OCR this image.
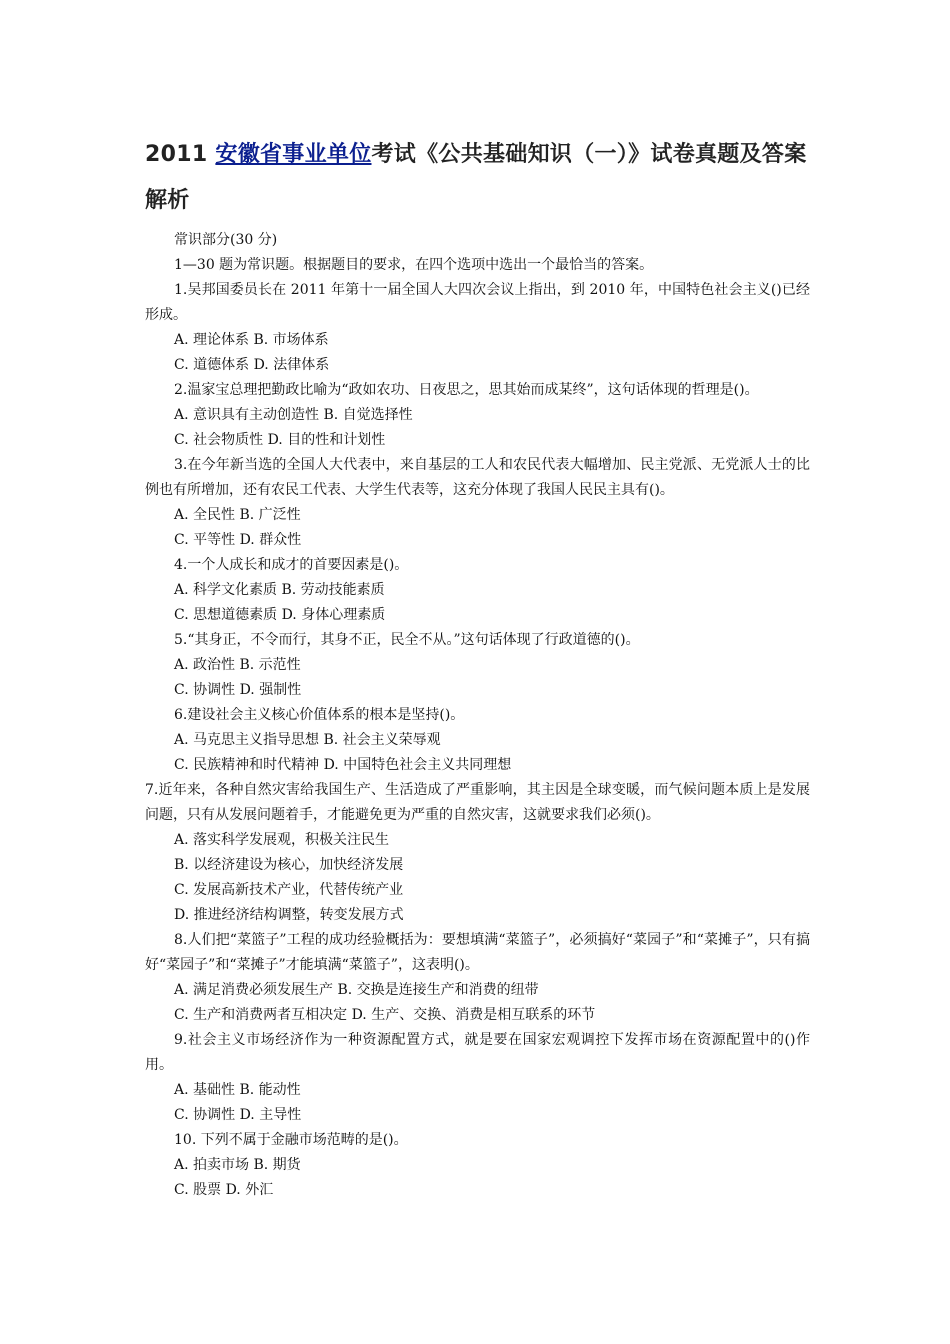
2011 安徽省事业单位考试《公共基础知识（一）》试卷真题及答案解析

常识部分(30 分)

1—30 题为常识题。根据题目的要求，在四个选项中选出一个最恰当的答案。

1.吴邦国委员长在 2011 年第十一届全国人大四次会议上指出，到 2010 年，中国特色社会主义()已经形成。

A. 理论体系 B. 市场体系

C. 道德体系 D. 法律体系

2.温家宝总理把勤政比喻为“政如农功、日夜思之，思其始而成某终”，这句话体现的哲理是()。

A. 意识具有主动创造性 B. 自觉选择性

C. 社会物质性 D. 目的性和计划性

3.在今年新当选的全国人大代表中，来自基层的工人和农民代表大幅增加、民主党派、无党派人士的比例也有所增加，还有农民工代表、大学生代表等，这充分体现了我国人民民主具有()。

A. 全民性 B. 广泛性

C. 平等性 D. 群众性

4.一个人成长和成才的首要因素是()。

A. 科学文化素质 B. 劳动技能素质

C. 思想道德素质 D. 身体心理素质

5.“其身正，不令而行，其身不正，民全不从。”这句话体现了行政道德的()。

A. 政治性 B. 示范性

C. 协调性 D. 强制性

6.建设社会主义核心价值体系的根本是坚持()。

A. 马克思主义指导思想 B. 社会主义荣辱观

C. 民族精神和时代精神 D. 中国特色社会主义共同理想

7.近年来，各种自然灾害给我国生产、生活造成了严重影响，其主因是全球变暖，而气候问题本质上是发展问题，只有从发展问题着手，才能避免更为严重的自然灾害，这就要求我们必须()。

A. 落实科学发展观，积极关注民生

B. 以经济建设为核心，加快经济发展

C. 发展高新技术产业，代替传统产业

D. 推进经济结构调整，转变发展方式

8.人们把“菜篮子”工程的成功经验概括为：要想填满“菜篮子”，必须搞好“菜园子”和“菜摊子”，只有搞好“菜园子”和“菜摊子”才能填满“菜篮子”，这表明()。

A. 满足消费必须发展生产 B. 交换是连接生产和消费的纽带

C. 生产和消费两者互相决定 D. 生产、交换、消费是相互联系的环节

9.社会主义市场经济作为一种资源配置方式，就是要在国家宏观调控下发挥市场在资源配置中的()作用。

A. 基础性 B. 能动性

C. 协调性 D. 主导性

10. 下列不属于金融市场范畴的是()。

A. 拍卖市场 B. 期货

C. 股票 D. 外汇
